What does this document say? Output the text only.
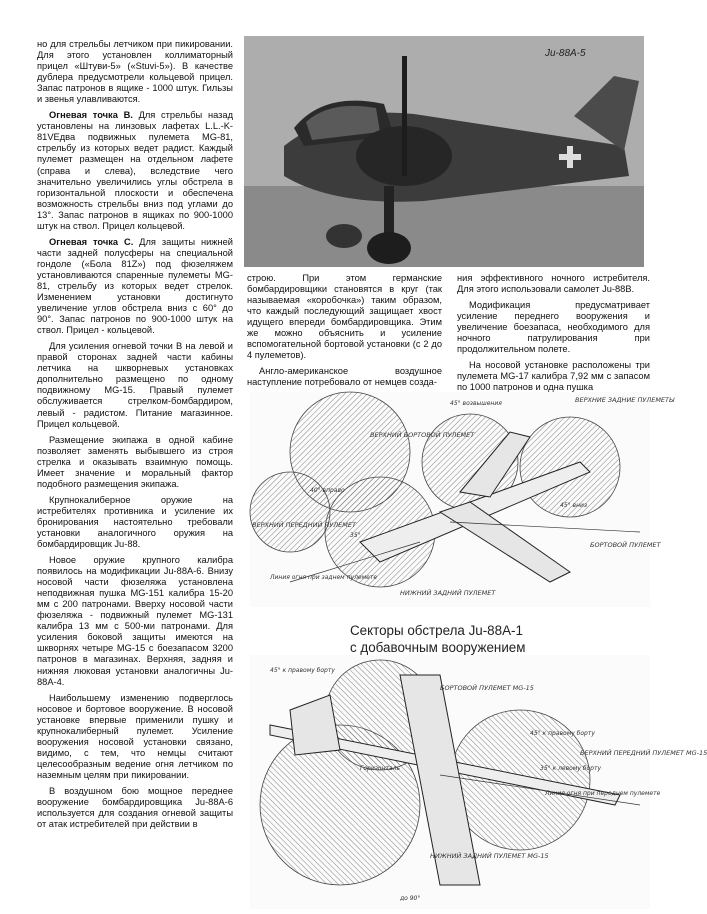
но для стрельбы летчиком при пикировании. Для этого установлен коллиматорный прицел «Штуви-5» («Stuvi-5»). В качестве дублера предусмотрели кольцевой прицел. Запас патронов в ящике - 1000 штук. Гильзы и звенья улавливаются.

Огневая точка B. Для стрельбы назад установлены на линзовых лафетах L.L.-K-81VEдва подвижных пулемета MG-81, стрельбу из которых ведет радист. Каждый пулемет размещен на отдельном лафете (справа и слева), вследствие чего значительно увеличились углы обстрела в горизонтальной плоскости и обеспечена возможность стрельбы вниз под углами до 13°. Запас патронов в ящиках по 900-1000 штук на ствол. Прицел кольцевой.

Огневая точка С. Для защиты нижней части задней полусферы на специальной гондоле («Бола 81Z») под фюзеляжем установливаются спаренные пулеметы MG-81, стрельбу из которых ведет стрелок. Изменением установки достигнуто увеличение углов обстрела вниз с 60° до 90°. Запас патронов по 900-1000 штук на ствол. Прицел - кольцевой.

Для усиления огневой точки В на левой и правой сторонах задней части кабины летчика на шкворневых установках дополнительно размещено по одному подвижному MG-15. Правый пулемет обслуживается стрелком-бомбардиром, левый - радистом. Питание магазинное. Прицел кольцевой.

Размещение экипажа в одной кабине позволяет заменять выбывшего из строя стрелка и оказывать взаимную помощь. Имеет значение и моральный фактор подобного размещения экипажа.

Крупнокалиберное оружие на истребителях противника и усиление их бронирования настоятельно требовали установки аналогичного оружия на бомбардировщик Ju-88.

Новое оружие крупного калибра появилось на модификации Ju-88A-6. Внизу носовой части фюзеляжа установлена неподвижная пушка MG-151 калибра 15-20 мм с 200 патронами. Вверху носовой части фюзеляжа - подвижный пулемет MG-131 калибра 13 мм с 500-ми патронами. Для усиления боковой защиты имеются на шкворнях четыре MG-15 с боезапасом 3200 патронов в магазинах. Верхняя, задняя и нижняя люковая установки аналогичны Ju-88A-4.

Наибольшему изменению подверглось носовое и бортовое вооружение. В носовой установке впервые применили пушку и крупнокалиберный пулемет. Усиление вооружения носовой установки связано, видимо, с тем, что немцы считают целесообразным ведение огня летчиком по наземным целям при пикировании.

В воздушном бою мощное переднее вооружение бомбардировщика Ju-88A-6 используется для создания огневой защиты от атак истребителей при действии в

Ju-88A-5

строю. При этом германские бомбардировщики становятся в круг (так называемая «коробочка») таким образом, что каждый последующий защищает хвост идущего впереди бомбардировщика. Этим же можно объяснить и усиление вспомогательной бортовой установки (с 2 до 4 пулеметов).

Англо-американское воздушное наступление потребовало от немцев созда-

ния эффективного ночного истребителя. Для этого использовали самолет Ju-88B.

Модификация предусматривает усиление переднего вооружения и увеличение боезапаса, необходимого для ночного патрулирования при продолжительном полете.

На носовой установке расположены три пулемета MG-17 калибра 7,92 мм с запасом по 1000 патронов и одна пушка

ВЕРХНИЙ БОРТОВОЙ ПУЛЕМЕТ
ВЕРХНИЕ ЗАДНИЕ ПУЛЕМЕТЫ
ВЕРХНИЙ ПЕРЕДНИЙ ПУЛЕМЕТ
БОРТОВОЙ ПУЛЕМЕТ
НИЖНИЙ ЗАДНИЙ ПУЛЕМЕТ
45° возвышения
45° вниз
40° вправо
35°
Линия огня при заднем пулемете
Секторы обстрела Ju-88A-1
с добавочным вооружением
БОРТОВОЙ ПУЛЕМЕТ MG-15
ВЕРХНИЙ ПЕРЕДНИЙ ПУЛЕМЕТ MG-15
НИЖНИЙ ЗАДНИЙ ПУЛЕМЕТ MG-15
45° к правому борту
45° к правому борту
35° к левому борту
до 90°
Горизонталь
Линия огня при переднем пулемете
